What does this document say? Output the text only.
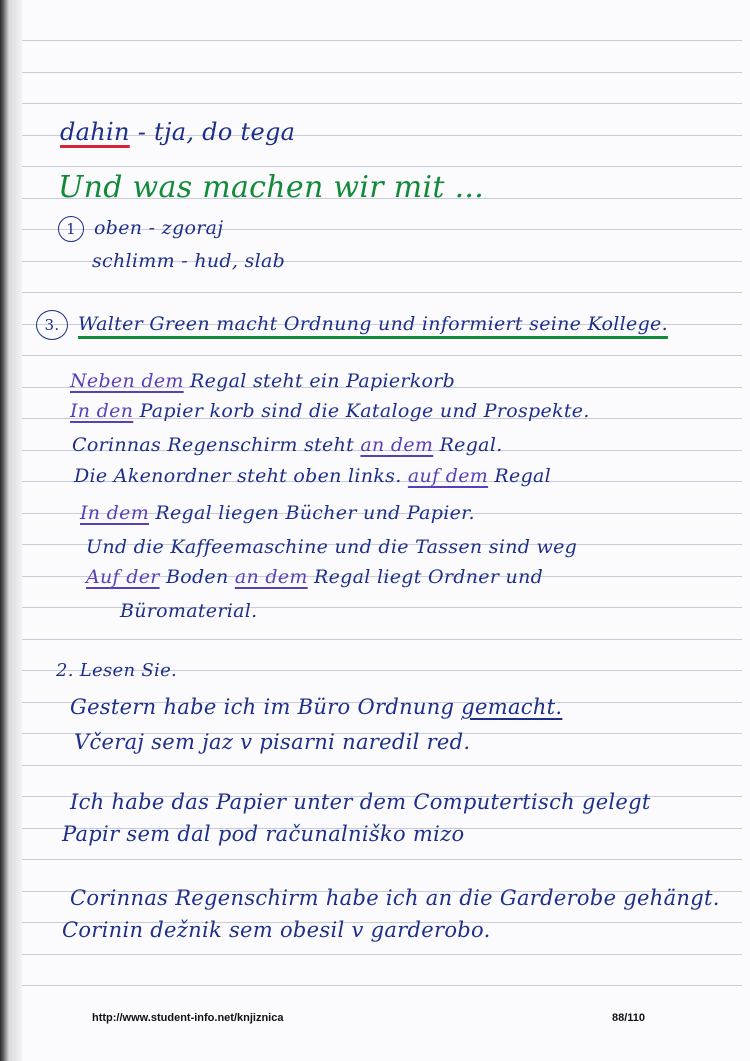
dahin - tja, do tega
Und was machen wir mit ...
1 oben - zgoraj
schlimm - hud, slab
3. Walter Green macht Ordnung und informiert seine Kollege.
Neben dem Regal steht ein Papierkorb
In den Papier korb sind die Kataloge und Prospekte.
Corinnas Regenschirm steht an dem Regal.
Die Akenordner steht oben links. auf dem Regal
In dem Regal liegen Bücher und Papier.
Und die Kaffeemaschine und die Tassen sind weg
Auf der Boden an dem Regal liegt Ordner und
Büromaterial.
2. Lesen Sie.
Gestern habe ich im Büro Ordnung gemacht.
Včeraj sem jaz v pisarni naredil red.
Ich habe das Papier unter dem Computertisch gelegt
Papir sem dal pod računalniško mizo
Corinnas Regenschirm habe ich an die Garderobe gehängt.
Corinin dežnik sem obesil v garderobo.
http://www.student-info.net/knjiznica	88/110
